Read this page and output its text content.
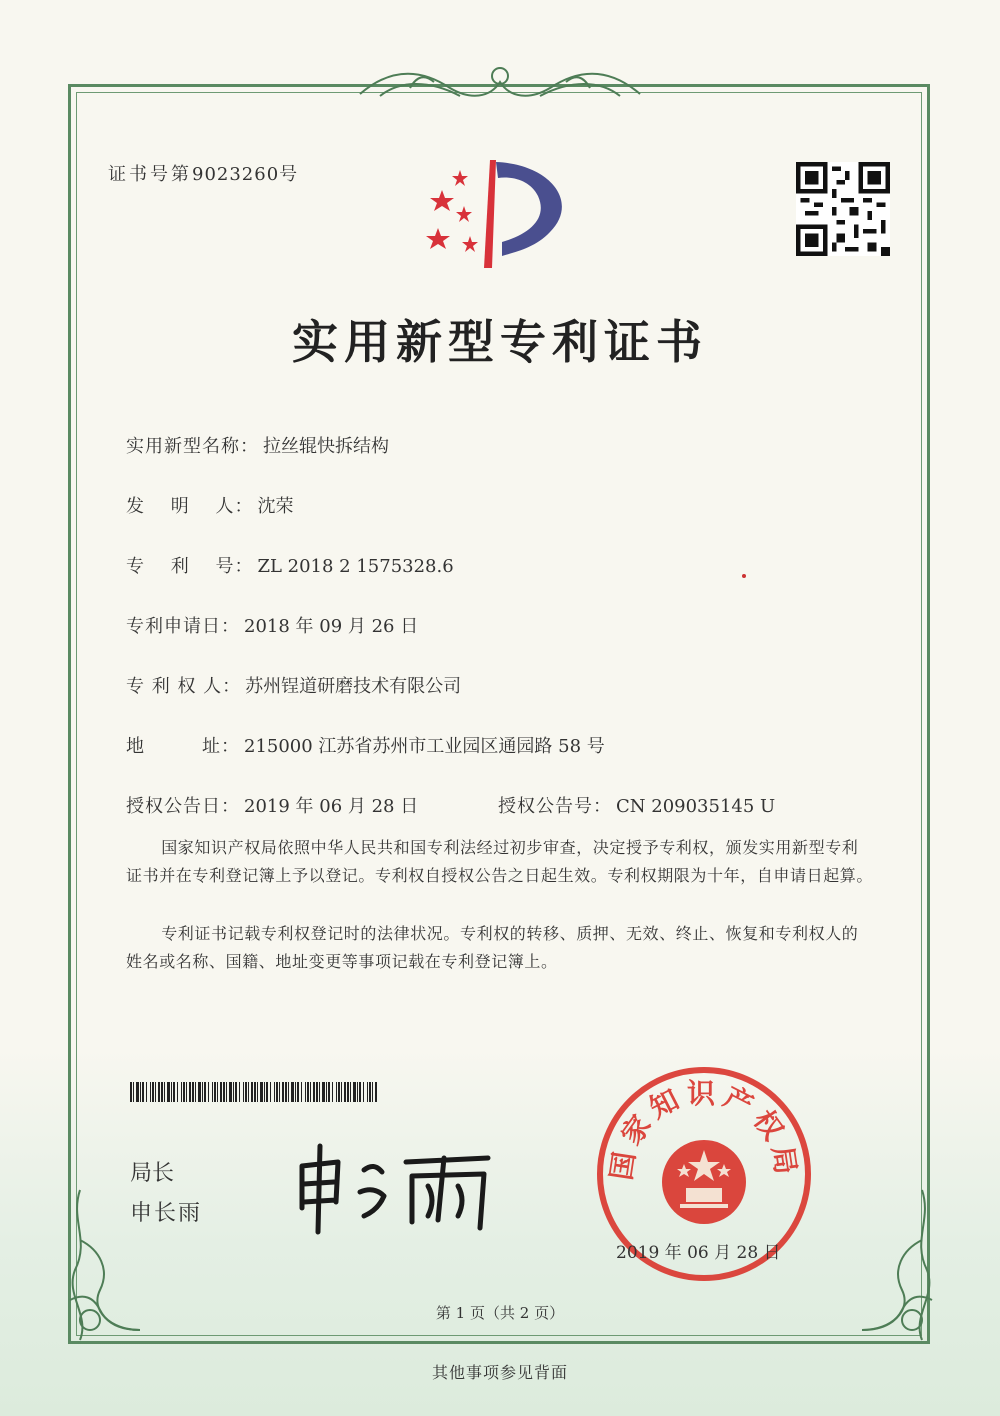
证书号第9023260号
实用新型专利证书
实用新型名称： 拉丝辊快拆结构
发　 明　 人： 沈荣
专　 利　 号： ZL 2018 2 1575328.6
专利申请日： 2018 年 09 月 26 日
专 利 权 人： 苏州锃道研磨技术有限公司
地　　　址： 215000 江苏省苏州市工业园区通园路 58 号
授权公告日： 2019 年 06 月 28 日	授权公告号： CN 209035145 U
国家知识产权局依照中华人民共和国专利法经过初步审查，决定授予专利权，颁发实用新型专利证书并在专利登记簿上予以登记。专利权自授权公告之日起生效。专利权期限为十年，自申请日起算。
专利证书记载专利权登记时的法律状况。专利权的转移、质押、无效、终止、恢复和专利权人的姓名或名称、国籍、地址变更等事项记载在专利登记簿上。
局长
申长雨
国家知识产权局
2019 年 06 月 28 日
第 1 页（共 2 页）
其他事项参见背面
